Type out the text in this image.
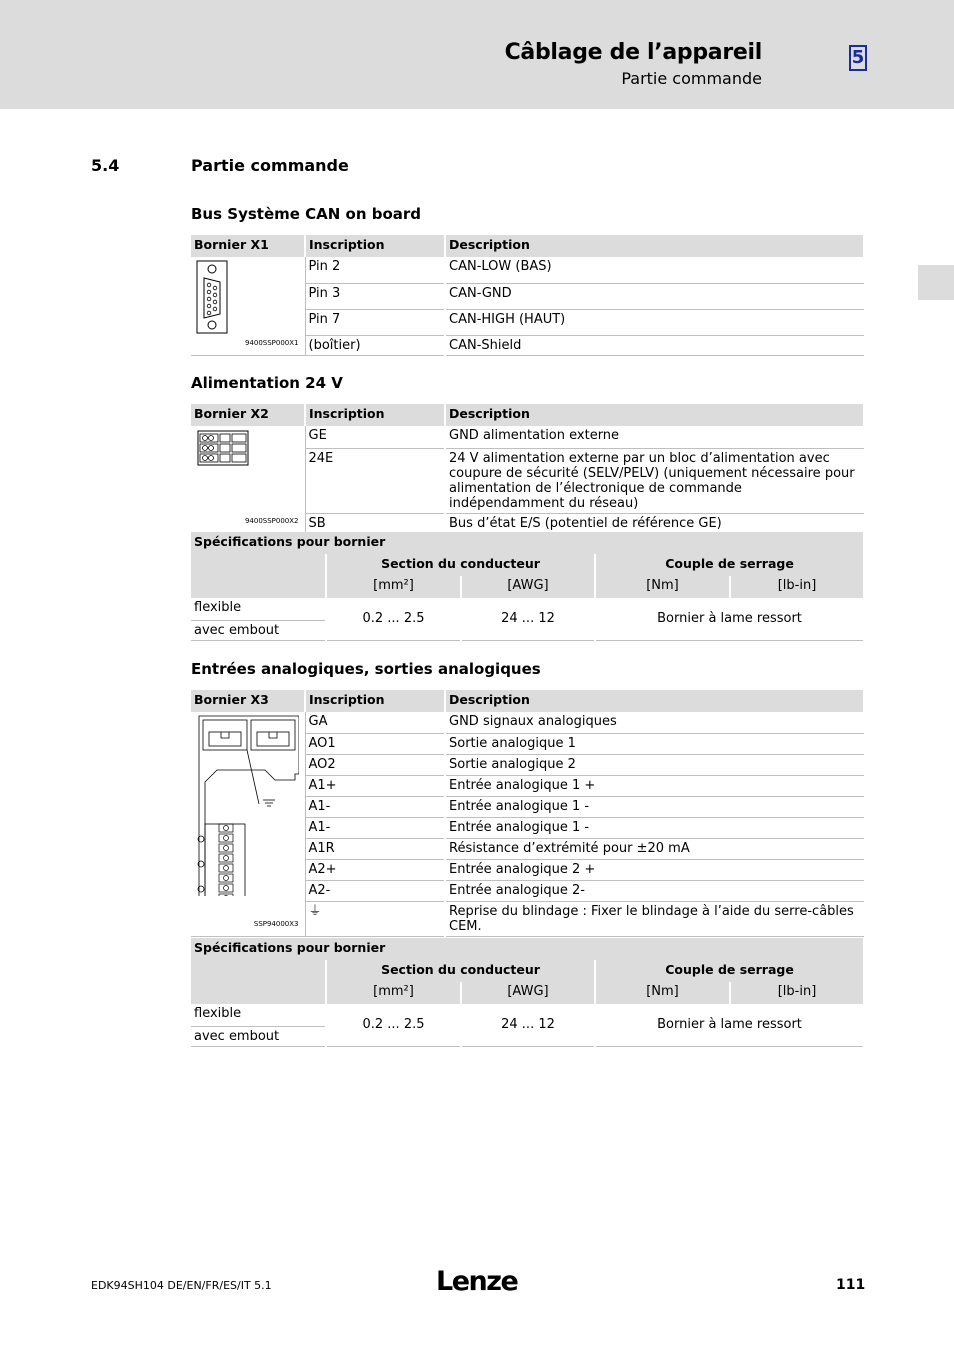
Câblage de l’appareil
Partie commande
5
5.4	Partie commande
Bus Système CAN on board
Bornier X1	Inscription	Description

9400SSP000X1	Pin 2	CAN-LOW (BAS)
	Pin 3	CAN-GND
	Pin 7	CAN-HIGH (HAUT)
	(boîtier)	CAN-Shield
Alimentation 24 V
Bornier X2	Inscription	Description

9400SSP000X2	GE	GND alimentation externe
	24E	24 V alimentation externe par un bloc d’alimentation avec coupure de sécurité (SELV/PELV) (uniquement nécessaire pour alimentation de l’électronique de commande indépendamment du réseau)
	SB	Bus d’état E/S (potentiel de référence GE)
Spécifications pour bornier				
	Section du conducteur		Couple de serrage	
	[mm²]	[AWG]	[Nm]	[lb-in]
flexible	0.2 ... 2.5	24 ... 12	Bornier à lame ressort	
avec embout				
Entrées analogiques, sorties analogiques
Bornier X3	Inscription	Description

SSP94000X3	GA	GND signaux analogiques
	AO1	Sortie analogique 1
	AO2	Sortie analogique 2
	A1+	Entrée analogique 1 +
	A1-	Entrée analogique 1 -
	A1-	Entrée analogique 1 -
	A1R	Résistance d’extrémité pour ±20 mA
	A2+	Entrée analogique 2 +
	A2-	Entrée analogique 2-
	⏚	Reprise du blindage : Fixer le blindage à l’aide du serre-câbles CEM.
Spécifications pour bornier				
	Section du conducteur		Couple de serrage	
	[mm²]	[AWG]	[Nm]	[lb-in]
flexible	0.2 ... 2.5	24 ... 12	Bornier à lame ressort	
avec embout				
EDK94SH104 DE/EN/FR/ES/IT 5.1	Lenze	111
